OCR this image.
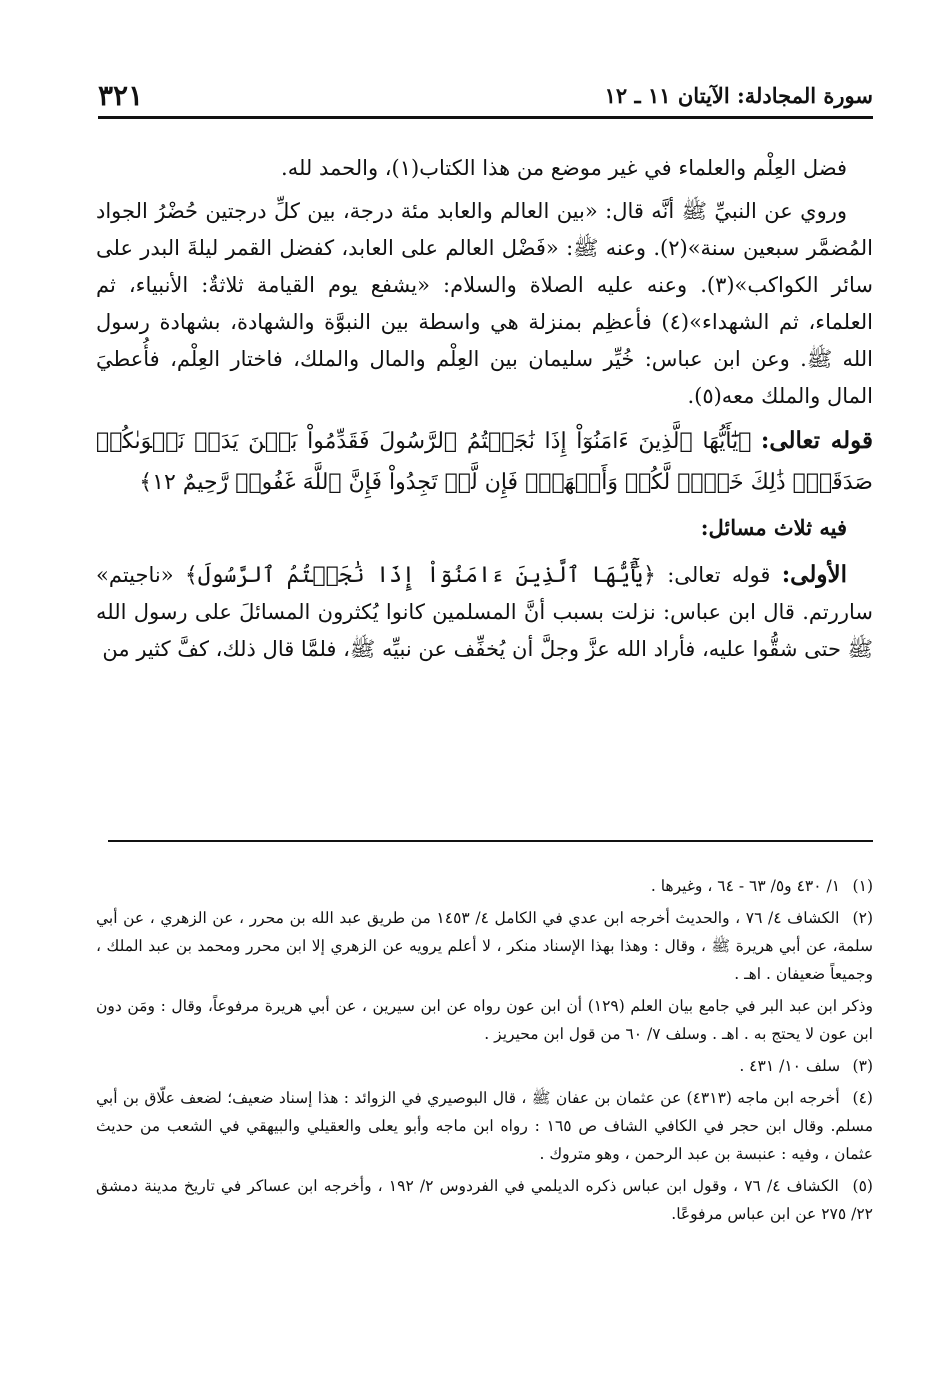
سورة المجادلة: الآيتان ١١ ـ ١٢
٣٢١

فضل العِلْم والعلماء في غير موضع من هذا الكتاب(١)، والحمد لله.

وروي عن النبيِّ ﷺ أنَّه قال: «بين العالم والعابد مئة درجة، بين كلِّ درجتين حُضْرُ الجواد المُضمَّر سبعين سنة»(٢). وعنه ﷺ: «فَضْل العالم على العابد، كفضل القمر ليلةَ البدر على سائر الكواكب»(٣). وعنه عليه الصلاة والسلام: «يشفع يوم القيامة ثلاثةٌ: الأنبياء، ثم العلماء، ثم الشهداء»(٤) فأعظِم بمنزلة هي واسطة بين النبوَّة والشهادة، بشهادة رسول الله ﷺ. وعن ابن عباس: خُيِّر سليمان بين العِلْم والمال والملك، فاختار العِلْم، فأُعطيَ المال والملك معه(٥).

قوله تعالى: ﴿يَٰٓأَيُّهَا ٱلَّذِينَ ءَامَنُوٓاْ إِذَا نَٰجَيۡتُمُ ٱلرَّسُولَ فَقَدِّمُواْ بَيۡنَ يَدَيۡ نَجۡوَىٰكُمۡ صَدَقَةٗۚ ذَٰلِكَ خَيۡرٞ لَّكُمۡ وَأَطۡهَرُۚ فَإِن لَّمۡ تَجِدُواْ فَإِنَّ ٱللَّهَ غَفُورٞ رَّحِيمٌ ١٢﴾

فيه ثلاث مسائل:

الأولى: قوله تعالى: ﴿يَٰٓأَيُّهَا ٱلَّذِينَ ءَامَنُوٓاْ إِذَا نَٰجَيۡتُمُ ٱلرَّسُولَ﴾ «ناجيتم» ساررتم. قال ابن عباس: نزلت بسبب أنَّ المسلمين كانوا يُكثرون المسائلَ على رسول الله ﷺ حتى شقُّوا عليه، فأراد الله عزَّ وجلَّ أن يُخفِّف عن نبيِّه ﷺ، فلمَّا قال ذلك، كفَّ كثير من

(١) ١/ ٤٣٠ و٥/ ٦٣ - ٦٤ ، وغيرها .

(٢) الكشاف ٤/ ٧٦ ، والحديث أخرجه ابن عدي في الكامل ٤/ ١٤٥٣ من طريق عبد الله بن محرر ، عن الزهري ، عن أبي سلمة، عن أبي هريرة ﷺ ، وقال : وهذا بهذا الإسناد منكر ، لا أعلم يرويه عن الزهري إلا ابن محرر ومحمد بن عبد الملك ، وجميعاً ضعيفان . اهـ .

وذكر ابن عبد البر في جامع بيان العلم (١٢٩) أن ابن عون رواه عن ابن سيرين ، عن أبي هريرة مرفوعاً، وقال : ومَن دون ابن عون لا يحتج به . اهـ . وسلف ٧/ ٦٠ من قول ابن محيريز .

(٣) سلف ١٠/ ٤٣١ .

(٤) أخرجه ابن ماجه (٤٣١٣) عن عثمان بن عفان ﷺ ، قال البوصيري في الزوائد : هذا إسناد ضعيف؛ لضعف علّاق بن أبي مسلم. وقال ابن حجر في الكافي الشاف ص ١٦٥ : رواه ابن ماجه وأبو يعلى والعقيلي والبيهقي في الشعب من حديث عثمان ، وفيه : عنبسة بن عبد الرحمن ، وهو متروك .

(٥) الكشاف ٤/ ٧٦ ، وقول ابن عباس ذكره الديلمي في الفردوس ٢/ ١٩٢ ، وأخرجه ابن عساكر في تاريخ مدينة دمشق ٢٢/ ٢٧٥ عن ابن عباس مرفوعًا.
